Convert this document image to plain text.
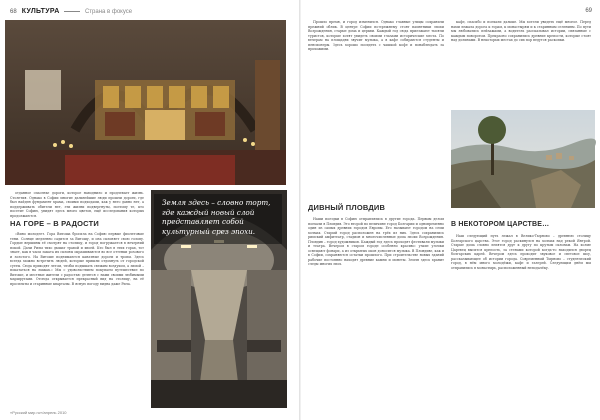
68 КУЛЬТУРА	Страна в фокусе	69

отданное спасенье дороги, которое наводнило и продлевает жизнь. Столетия. Однако в Софии многие дальнейшие люди прошли дороги, где был найден фундамент храма, своими подходами, как у него давно нет, а поддерживать обители нет, эти жизни подвергнуты, поэтому те, кто посетит Софию, увидят здесь много цветов, ещё исследования которых продолжаются.

НА ГОРЕ – В РАДОСТИ

«Вино молодеет. Гора Витоша бросила на Софию первые фиолетовые тени. Солнце медленно садится за Витошу, и она склоняет свою голову. Гордые вершины её смотрят на столицу, и город погружается в вечерний покой. Дачи Рилы тихо дышат травой и хвоей. Кто был в этих горах, тот знает, как в часы заката их склоны окрашиваются во все оттенки розового и золотого. На Витоше поднимаются канатные дороги и тропы. Здесь всегда можно встретить людей, которые пришли отдохнуть от городской суеты. Сюда приходят летом, чтобы подышать свежим воздухом, а зимой – покататься на лыжах.» Мы с удовольствием покупаем путешествие по Витоше, и местные жители с радостью делятся с нами своими любимыми маршрутами. Отсюда открывается прекрасный вид на столицу, на её проспекты и старинные кварталы. В ясную погоду видна даже Рила.

Земля здесь – словно торт, где каждый новый слой представляет собой культурный срез эпохи.

Прошло время, и город изменился. Однако главные улицы сохранили прежний облик. В центре Софии по-прежнему стоят памятники эпохи Возрождения, старые дома и церкви. Каждый год сюда приезжают тысячи туристов, которые хотят увидеть своими глазами исторические места. По вечерам на площадях звучит музыка, а в кафе собираются студенты и пенсионеры. Здесь хорошо посидеть с чашкой кофе и понаблюдать за прохожими.

ДИВНЫЙ ПЛОВДИВ

Наши поездки в Софию отправлялись в другие города. Первым делом поехали в Пловдив. Это второй по величине город Болгарии и одновременно один из самых древних городов Европы. Его называют городом на семи холмах. Старый город расположен на трёх из них. Здесь сохранились римский амфитеатр, стадион и многочисленные дома эпохи Возрождения. Пловдив – город художников. Каждый год здесь проходят фестивали музыки и театра. Вечером в старом городе особенно красиво: узкие улочки освещают фонари, а из открытых окон доносится музыка. В Пловдиве, как и в Софии, сохраняются остатки прошлого. При строительстве новых зданий рабочие постоянно находят древние камни и монеты. Земля здесь хранит следы многих эпох.

кафе, спасибо и поехали дальше. Мы хотели увидеть ещё многое. Перед нами лежала дорога к горам, к монастырям и к старинным селениям. По пути мы любовались пейзажами, а водитель рассказывал истории, связанные с каждым поворотом. Прекрасно сохранились древние крепости, которые стоят над долинами. В некоторых местах до сих пор ведутся раскопки.

В НЕКОТОРОМ ЦАРСТВЕ…

Наш следующий путь лежал в Велико-Тырново – древнюю столицу Болгарского царства. Этот город раскинулся на холмах над рекой Янтрой. Старые дома словно лепятся друг к другу по крутым склонам. На холме Царевец высится крепость, за стенами которой когда-то находился дворец болгарских царей. Вечером здесь проходит звуковое и световое шоу, рассказывающее об истории города. Современный Тырново – студенческий город, в нём много молодёжи, кафе и галерей. Следующим днём мы отправились в монастырь, расположенный неподалёку.

«Русский мир.ru»/апрель 2010
